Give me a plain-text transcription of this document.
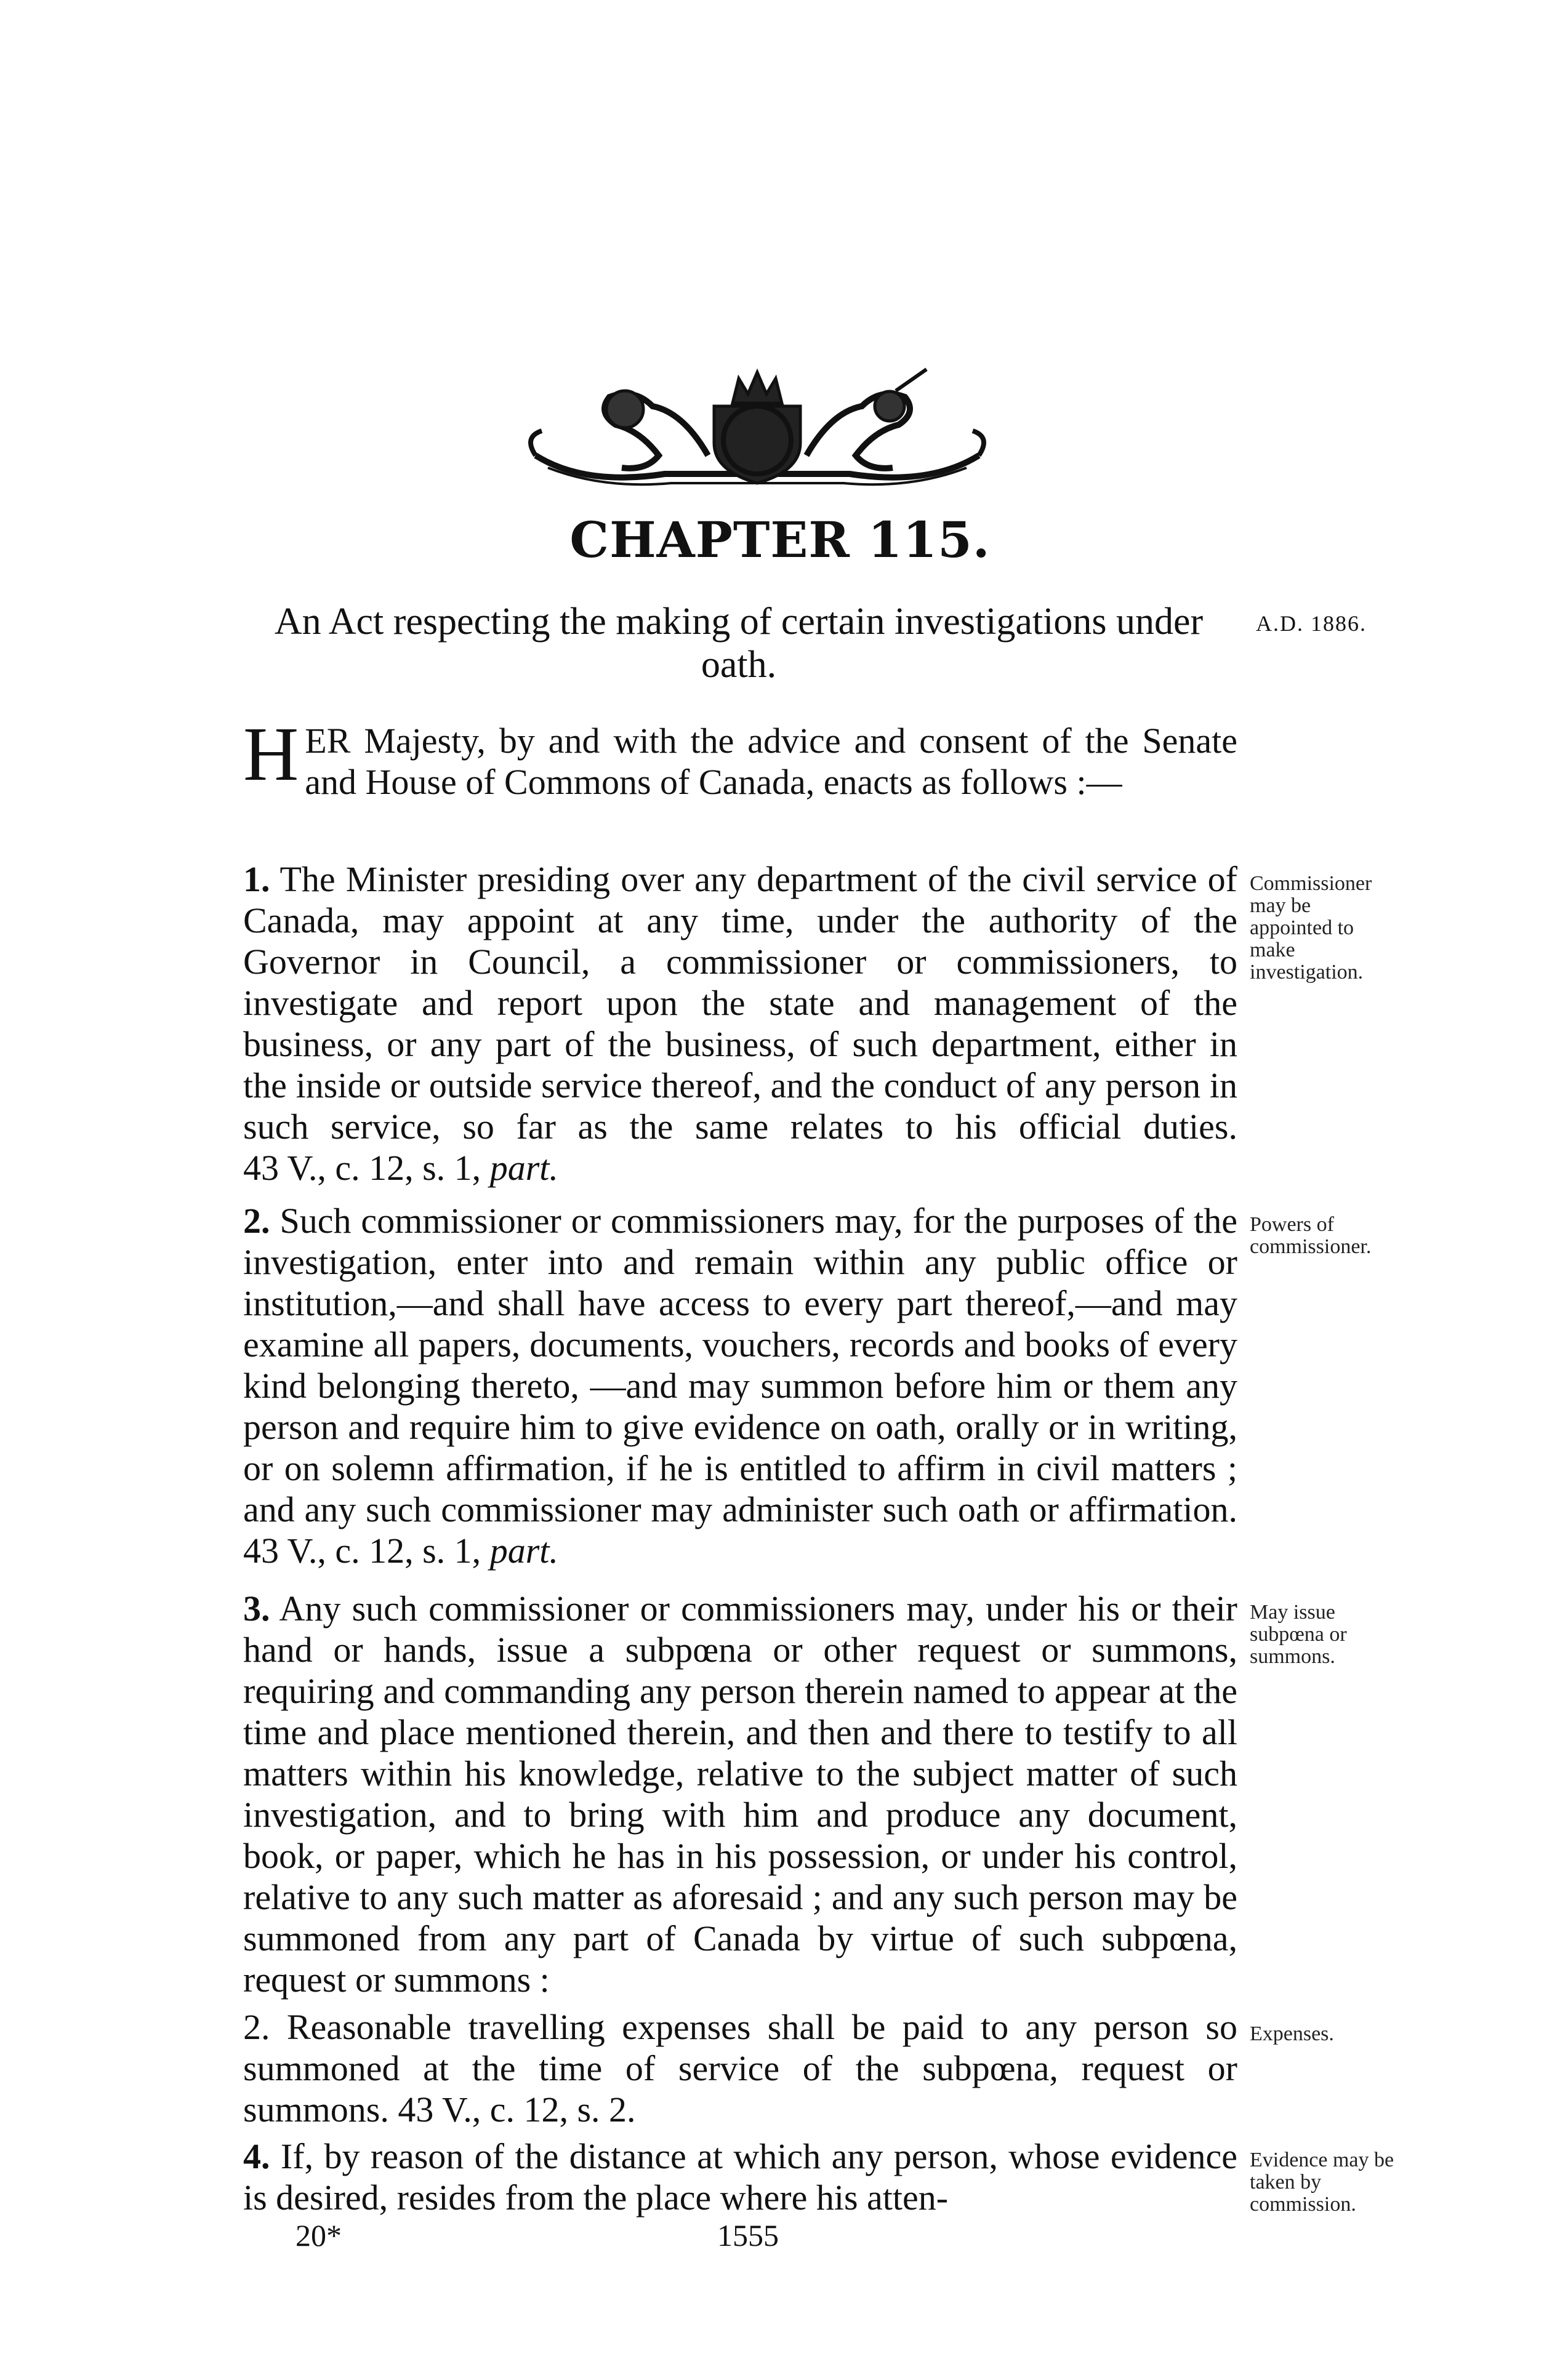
CHAPTER 115.
An Act respecting the making of certain investigations under oath.
A.D. 1886.

HER Majesty, by and with the advice and consent of the Senate and House of Commons of Canada, enacts as follows :—

1. The Minister presiding over any department of the civil service of Canada, may appoint at any time, under the authority of the Governor in Council, a commissioner or commissioners, to investigate and report upon the state and management of the business, or any part of the business, of such department, either in the inside or outside service thereof, and the conduct of any person in such service, so far as the same relates to his official duties. 43 V., c. 12, s. 1, part.

Commissioner may be appointed to make investigation.

2. Such commissioner or commissioners may, for the purposes of the investigation, enter into and remain within any public office or institution,—and shall have access to every part thereof,—and may examine all papers, documents, vouchers, records and books of every kind belonging thereto, —and may summon before him or them any person and require him to give evidence on oath, orally or in writing, or on solemn affirmation, if he is entitled to affirm in civil matters ; and any such commissioner may administer such oath or affirmation. 43 V., c. 12, s. 1, part.

Powers of commissioner.

3. Any such commissioner or commissioners may, under his or their hand or hands, issue a subpœna or other request or summons, requiring and commanding any person therein named to appear at the time and place mentioned therein, and then and there to testify to all matters within his knowledge, relative to the subject matter of such investigation, and to bring with him and produce any document, book, or paper, which he has in his possession, or under his control, relative to any such matter as aforesaid ; and any such person may be summoned from any part of Canada by virtue of such subpœna, request or summons :

May issue subpœna or summons.

2. Reasonable travelling expenses shall be paid to any person so summoned at the time of service of the subpœna, request or summons. 43 V., c. 12, s. 2.

Expenses.

4. If, by reason of the distance at which any person, whose evidence is desired, resides from the place where his atten-

Evidence may be taken by commission.
20*	1555
